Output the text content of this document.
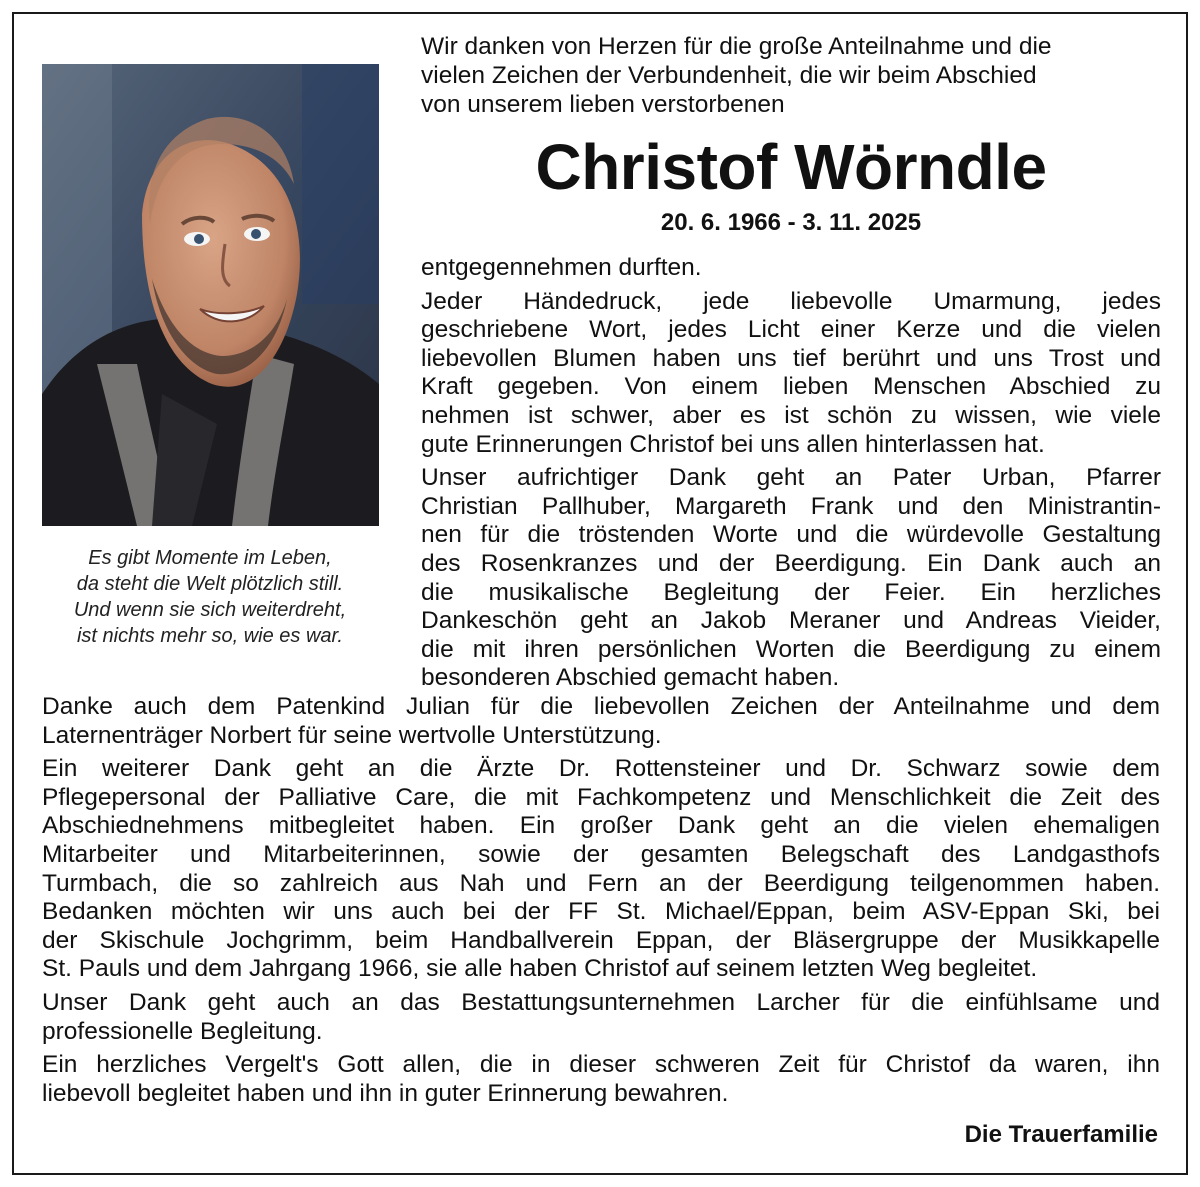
Es gibt Momente im Leben,
da steht die Welt plötzlich still.
Und wenn sie sich weiterdreht,
ist nichts mehr so, wie es war.
Wir danken von Herzen für die große Anteilnahme und die
vielen Zeichen der Verbundenheit, die wir beim Abschied
von unserem lieben verstorbenen
Christof Wörndle
20. 6. 1966 - 3. 11. 2025
entgegennehmen durften.
Jeder Händedruck, jede liebevolle Umarmung, jedes
geschriebene Wort, jedes Licht einer Kerze und die vielen
liebevollen Blumen haben uns tief berührt und uns Trost und
Kraft gegeben. Von einem lieben Menschen Abschied zu
nehmen ist schwer, aber es ist schön zu wissen, wie viele
gute Erinnerungen Christof bei uns allen hinterlassen hat.
Unser aufrichtiger Dank geht an Pater Urban, Pfarrer
Christian Pallhuber, Margareth Frank und den Ministrantin-
nen für die tröstenden Worte und die würdevolle Gestaltung
des Rosenkranzes und der Beerdigung. Ein Dank auch an
die musikalische Begleitung der Feier. Ein herzliches
Dankeschön geht an Jakob Meraner und Andreas Vieider,
die mit ihren persönlichen Worten die Beerdigung zu einem
besonderen Abschied gemacht haben.
Danke auch dem Patenkind Julian für die liebevollen Zeichen der Anteilnahme und dem
Laternenträger Norbert für seine wertvolle Unterstützung.
Ein weiterer Dank geht an die Ärzte Dr. Rottensteiner und Dr. Schwarz sowie dem
Pflegepersonal der Palliative Care, die mit Fachkompetenz und Menschlichkeit die Zeit des
Abschiednehmens mitbegleitet haben. Ein großer Dank geht an die vielen ehemaligen
Mitarbeiter und Mitarbeiterinnen, sowie der gesamten Belegschaft des Landgasthofs
Turmbach, die so zahlreich aus Nah und Fern an der Beerdigung teilgenommen haben.
Bedanken möchten wir uns auch bei der FF St. Michael/Eppan, beim ASV-Eppan Ski, bei
der Skischule Jochgrimm, beim Handballverein Eppan, der Bläsergruppe der Musikkapelle
St. Pauls und dem Jahrgang 1966, sie alle haben Christof auf seinem letzten Weg begleitet.
Unser Dank geht auch an das Bestattungsunternehmen Larcher für die einfühlsame und
professionelle Begleitung.
Ein herzliches Vergelt's Gott allen, die in dieser schweren Zeit für Christof da waren, ihn
liebevoll begleitet haben und ihn in guter Erinnerung bewahren.
Die Trauerfamilie
